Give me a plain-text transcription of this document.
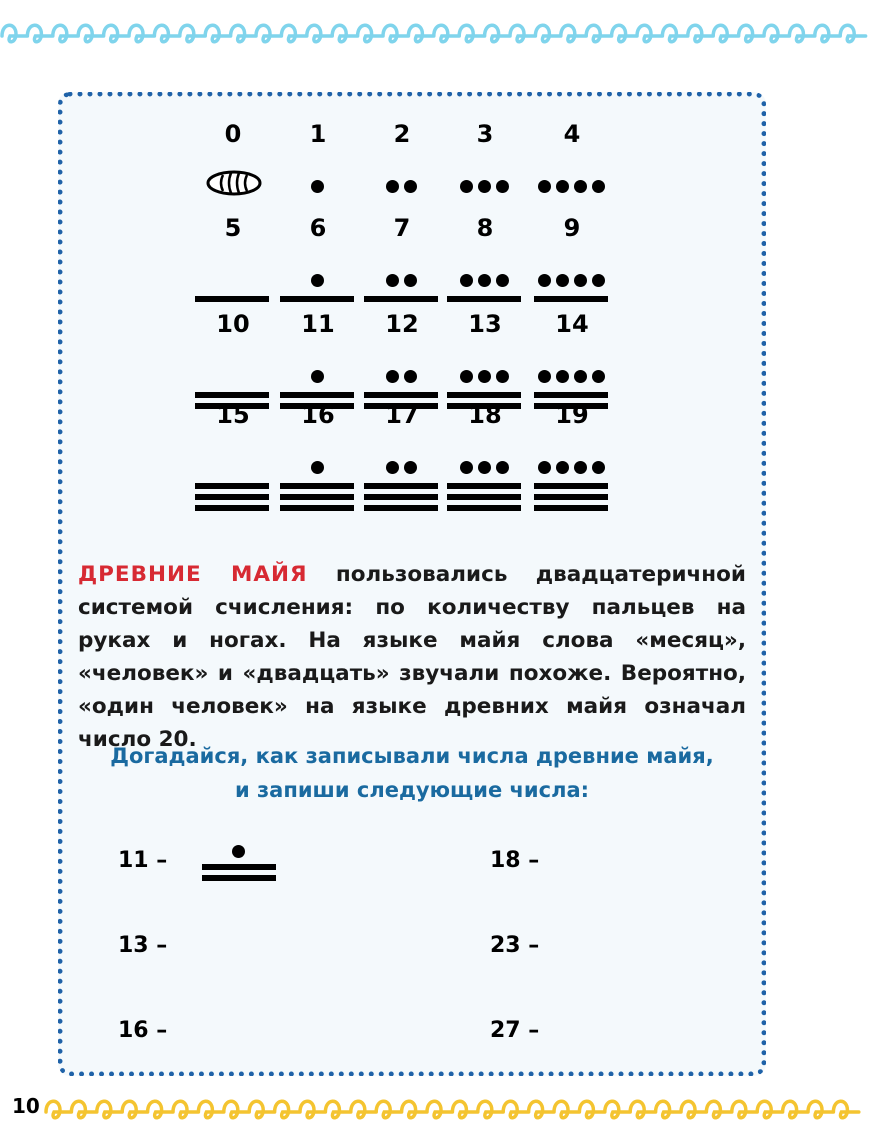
0	1	2	3	4
5	6	7	8	9
10	11	12	13	14
15	16	17	18	19
ДРЕВНИЕ МАЙЯ пользовались двадцатеричной системой счисления: по количеству пальцев на руках и ногах. На языке майя слова «месяц», «человек» и «двадцать» звучали похоже. Вероятно, «один человек» на языке древних майя означал число 20.
Догадайся, как записывали числа древние майя,
и запиши следующие числа:
11 –	18 –
13 –	23 –
16 –	27 –
10
